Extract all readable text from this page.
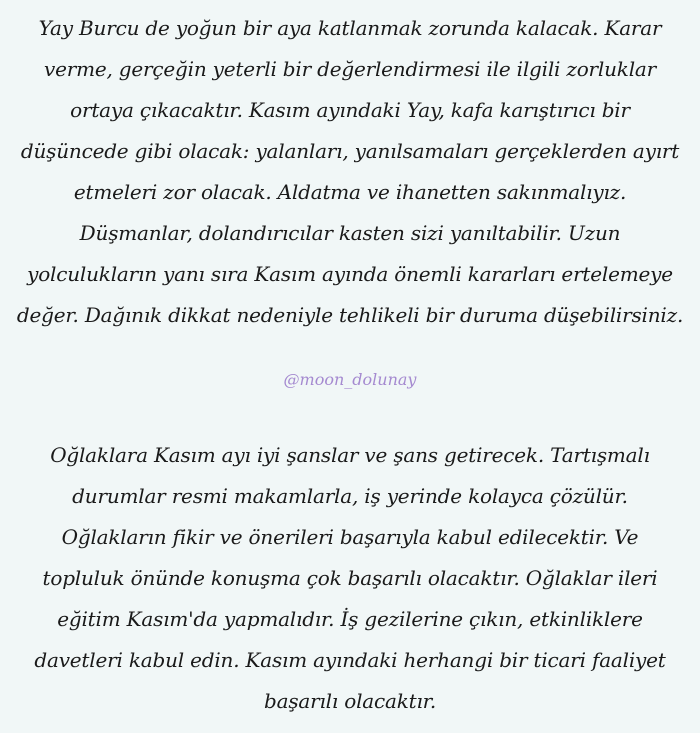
Yay Burcu de yoğun bir aya katlanmak zorunda kalacak. Karar
verme, gerçeğin yeterli bir değerlendirmesi ile ilgili zorluklar
ortaya çıkacaktır. Kasım ayındaki Yay, kafa karıştırıcı bir
düşüncede gibi olacak: yalanları, yanılsamaları gerçeklerden ayırt
etmeleri zor olacak. Aldatma ve ihanetten sakınmalıyız.
Düşmanlar, dolandırıcılar kasten sizi yanıltabilir. Uzun
yolculukların yanı sıra Kasım ayında önemli kararları ertelemeye
değer. Dağınık dikkat nedeniyle tehlikeli bir duruma düşebilirsiniz.
@moon_dolunay
Oğlaklara Kasım ayı iyi şanslar ve şans getirecek. Tartışmalı
durumlar resmi makamlarla, iş yerinde kolayca çözülür.
Oğlakların fikir ve önerileri başarıyla kabul edilecektir. Ve
topluluk önünde konuşma çok başarılı olacaktır. Oğlaklar ileri
eğitim Kasım'da yapmalıdır. İş gezilerine çıkın, etkinliklere
davetleri kabul edin. Kasım ayındaki herhangi bir ticari faaliyet
başarılı olacaktır.
